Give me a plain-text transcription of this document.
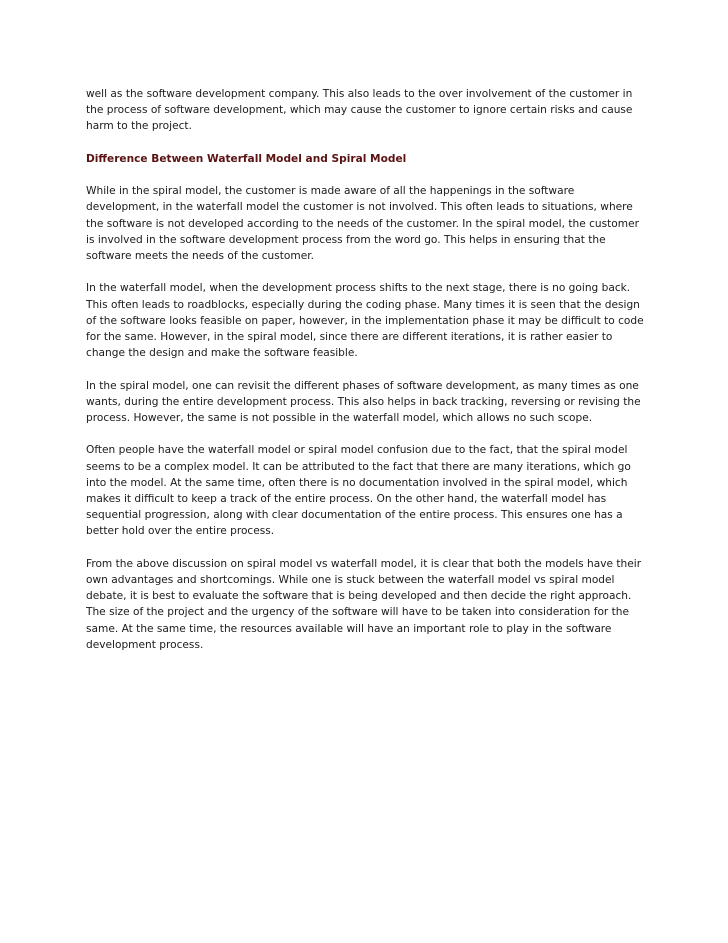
well as the software development company. This also leads to the over involvement of the customer in the process of software development, which may cause the customer to ignore certain risks and cause harm to the project.

Difference Between Waterfall Model and Spiral Model

While in the spiral model, the customer is made aware of all the happenings in the software development, in the waterfall model the customer is not involved. This often leads to situations, where the software is not developed according to the needs of the customer. In the spiral model, the customer is involved in the software development process from the word go. This helps in ensuring that the software meets the needs of the customer.

In the waterfall model, when the development process shifts to the next stage, there is no going back. This often leads to roadblocks, especially during the coding phase. Many times it is seen that the design of the software looks feasible on paper, however, in the implementation phase it may be difficult to code for the same. However, in the spiral model, since there are different iterations, it is rather easier to change the design and make the software feasible.

In the spiral model, one can revisit the different phases of software development, as many times as one wants, during the entire development process. This also helps in back tracking, reversing or revising the process. However, the same is not possible in the waterfall model, which allows no such scope.

Often people have the waterfall model or spiral model confusion due to the fact, that the spiral model seems to be a complex model. It can be attributed to the fact that there are many iterations, which go into the model. At the same time, often there is no documentation involved in the spiral model, which makes it difficult to keep a track of the entire process. On the other hand, the waterfall model has sequential progression, along with clear documentation of the entire process. This ensures one has a better hold over the entire process.

From the above discussion on spiral model vs waterfall model, it is clear that both the models have their own advantages and shortcomings. While one is stuck between the waterfall model vs spiral model debate, it is best to evaluate the software that is being developed and then decide the right approach. The size of the project and the urgency of the software will have to be taken into consideration for the same. At the same time, the resources available will have an important role to play in the software development process.
